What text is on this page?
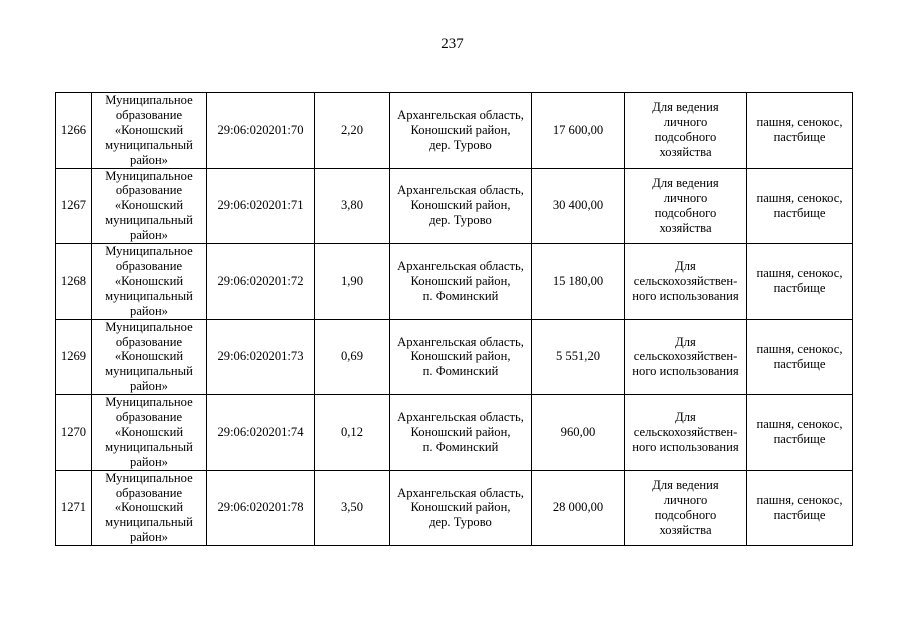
237
1266	Муниципальное
образование
«Коношский
муниципальный
район»	29:06:020201:70	2,20	Архангельская область,
Коношский район,
дер. Турово	17 600,00	Для ведения
личного
подсобного
хозяйства	пашня, сенокос,
пастбище

1267	Муниципальное
образование
«Коношский
муниципальный
район»	29:06:020201:71	3,80	Архангельская область,
Коношский район,
дер. Турово	30 400,00	Для ведения
личного
подсобного
хозяйства	пашня, сенокос,
пастбище

1268	Муниципальное
образование
«Коношский
муниципальный
район»	29:06:020201:72	1,90	Архангельская область,
Коношский район,
п. Фоминский	15 180,00	Для
сельскохозяйствен-
ного использования	пашня, сенокос,
пастбище

1269	Муниципальное
образование
«Коношский
муниципальный
район»	29:06:020201:73	0,69	Архангельская область,
Коношский район,
п. Фоминский	5 551,20	Для
сельскохозяйствен-
ного использования	пашня, сенокос,
пастбище

1270	Муниципальное
образование
«Коношский
муниципальный
район»	29:06:020201:74	0,12	Архангельская область,
Коношский район,
п. Фоминский	960,00	Для
сельскохозяйствен-
ного использования	пашня, сенокос,
пастбище

1271	Муниципальное
образование
«Коношский
муниципальный
район»	29:06:020201:78	3,50	Архангельская область,
Коношский район,
дер. Турово	28 000,00	Для ведения
личного
подсобного
хозяйства	пашня, сенокос,
пастбище
